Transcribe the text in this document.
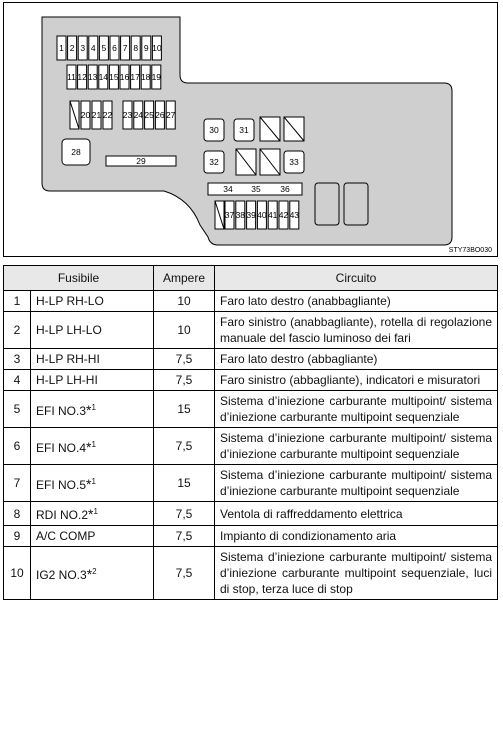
1 2 3 4 5 6 7 8 9 10
11 12 13 14 15 16 17 18 19
20 21 22 23 24 25 26 27
28
29
30 31
32	33
34 35 36
37 38 39 40 41 42 43
STY73BO030
Fusibile		Ampere	Circuito
1	H-LP RH-LO	10	Faro lato destro (anabbagliante)
2	H-LP LH-LO	10	Faro sinistro (anabbagliante), rotella di regolazione manuale del fascio luminoso dei fari
3	H-LP RH-HI	7,5	Faro lato destro (abbagliante)
4	H-LP LH-HI	7,5	Faro sinistro (abbagliante), indicatori e misuratori
5	EFI NO.3*$^1$	15	Sistema d’iniezione carburante multipoint/ sistema d’iniezione carburante multipoint sequenziale
6	EFI NO.4*$^1$	7,5	Sistema d’iniezione carburante multipoint/ sistema d’iniezione carburante multipoint sequenziale
7	EFI NO.5*$^1$	15	Sistema d’iniezione carburante multipoint/ sistema d’iniezione carburante multipoint sequenziale
8	RDI NO.2*$^1$	7,5	Ventola di raffreddamento elettrica
9	A/C COMP	7,5	Impianto di condizionamento aria
10	IG2 NO.3*$^2$	7,5	Sistema d’iniezione carburante multipoint/ sistema d’iniezione carburante multipoint sequenziale, luci di stop, terza luce di stop
